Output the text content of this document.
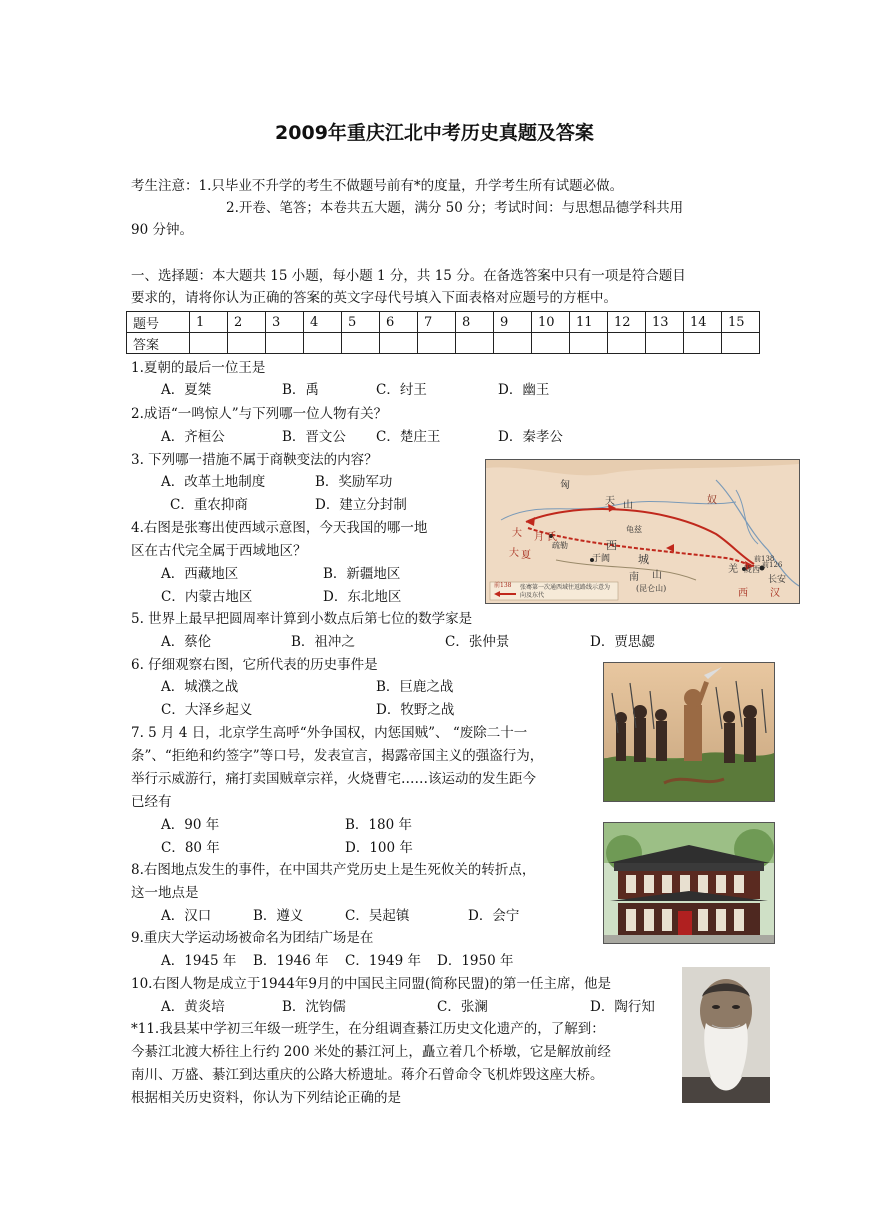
2009年重庆江北中考历史真题及答案
考生注意：1.只毕业不升学的考生不做题号前有*的度量，升学考生所有试题必做。
2.开卷、笔答；本卷共五大题，满分 50 分；考试时间：与思想品德学科共用
90 分钟。
一、选择题：本大题共 15 小题，每小题 1 分，共 15 分。在备选答案中只有一项是符合题目
要求的，请将你认为正确的答案的英文字母代号填入下面表格对应题号的方框中。
题号	1	2	3	4	5	6	7	8	9	10	11	12	13	14	15
答案															
1.夏朝的最后一位王是
A．夏桀	B．禹	C．纣王	D．幽王
2.成语“一鸣惊人”与下列哪一位人物有关？
A．齐桓公	B．晋文公 C．楚庄王	D．秦孝公
3. 下列哪一措施不属于商鞅变法的内容？
A．改革土地制度	B．奖励军功
C．重农抑商	D．建立分封制
4.右图是张骞出使西域示意图，今天我国的哪一地
区在古代完全属于西域地区？
A．西藏地区	B．新疆地区
C．内蒙古地区	D．东北地区
匈
奴
天 山
西
城
大 月 氏
大 夏	于阗
南 山
(昆仑山)
龟兹
疏勒
羌 陇西
长安
西 汉
前138
前126
前138 张骞第一次通西域往返路线示意为向及东代
5. 世界上最早把圆周率计算到小数点后第七位的数学家是
A．蔡伦	B．祖冲之	C．张仲景	D．贾思勰
6. 仔细观察右图，它所代表的历史事件是
A．城濮之战	B．巨鹿之战
C．大泽乡起义	D．牧野之战
7. 5 月 4 日，北京学生高呼“外争国权，内惩国贼”、 “废除二十一
条”、“拒绝和约签字”等口号，发表宣言，揭露帝国主义的强盗行为，
举行示威游行，痛打卖国贼章宗祥，火烧曹宅……该运动的发生距今
已经有
A．90 年	B．180 年
C．80 年	D．100 年
8.右图地点发生的事件，在中国共产党历史上是生死攸关的转折点，
这一地点是
A．汉口	B．遵义	C．吴起镇	D．会宁
9.重庆大学运动场被命名为团结广场是在
A．1945 年 B．1946 年 C．1949 年 D．1950 年
10.右图人物是成立于1944年9月的中国民主同盟(简称民盟)的第一任主席，他是
A．黄炎培	B．沈钧儒	C．张澜	D．陶行知
*11.我县某中学初三年级一班学生，在分组调查綦江历史文化遗产的，了解到：
今綦江北渡大桥往上行约 200 米处的綦江河上，矗立着几个桥墩，它是解放前经
南川、万盛、綦江到达重庆的公路大桥遗址。蒋介石曾命令飞机炸毁这座大桥。
根据相关历史资料，你认为下列结论正确的是
